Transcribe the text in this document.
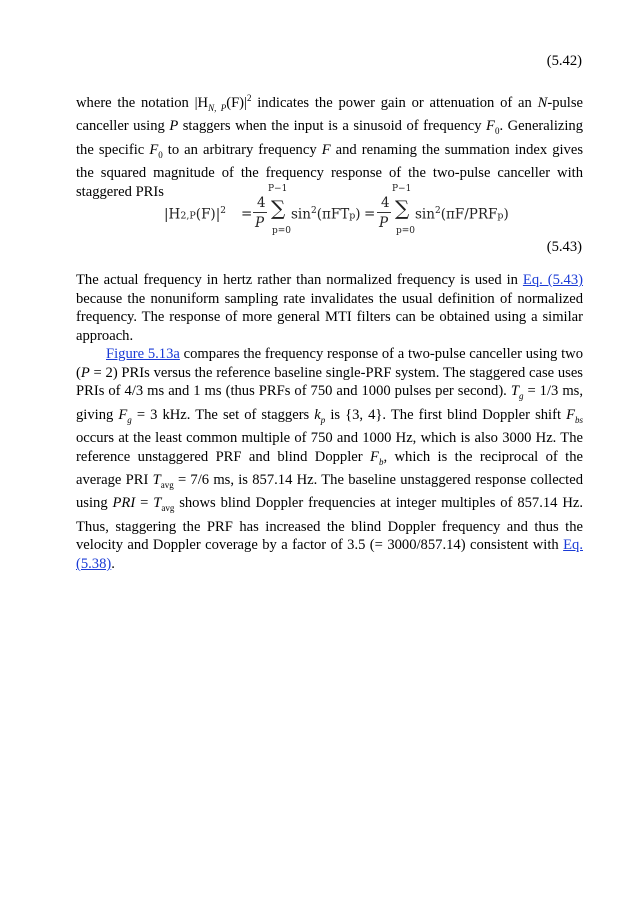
(5.42)

where the notation $|H_{N, P}(F)|^2$ indicates the power gain or attenuation of an N-pulse canceller using P staggers when the input is a sinusoid of frequency $F_0$. Generalizing the specific $F_0$ to an arbitrary frequency F and renaming the summation index gives the squared magnitude of the frequency response of the two-pulse canceller with staggered PRIs

$|H2,P(F)|^2$ =
4
P
P−1
∑
p=0
$\sin^2(\pi FTp)$ =
4
P
P−1
∑
p=0
$\sin^2(\pi F/PRFp)$
(5.43)

The actual frequency in hertz rather than normalized frequency is used in Eq. (5.43) because the nonuniform sampling rate invalidates the usual definition of normalized frequency. The response of more general MTI filters can be obtained using a similar approach.

Figure 5.13a compares the frequency response of a two-pulse canceller using two (P = 2) PRIs versus the reference baseline single-PRF system. The staggered case uses PRIs of 4/3 ms and 1 ms (thus PRFs of 750 and 1000 pulses per second). $T_g = 1/3$ ms, giving $F_g = 3$ kHz. The set of staggers $k_p$ is {3, 4}. The first blind Doppler shift $F_{bs}$ occurs at the least common multiple of 750 and 1000 Hz, which is also 3000 Hz. The reference unstaggered PRF and blind Doppler $F_b$, which is the reciprocal of the average PRI $T_{avg} = 7/6$ ms, is 857.14 Hz. The baseline unstaggered response collected using PRI = $T_{avg}$ shows blind Doppler frequencies at integer multiples of 857.14 Hz. Thus, staggering the PRF has increased the blind Doppler frequency and thus the velocity and Doppler coverage by a factor of 3.5 (= 3000/857.14) consistent with Eq. (5.38).
